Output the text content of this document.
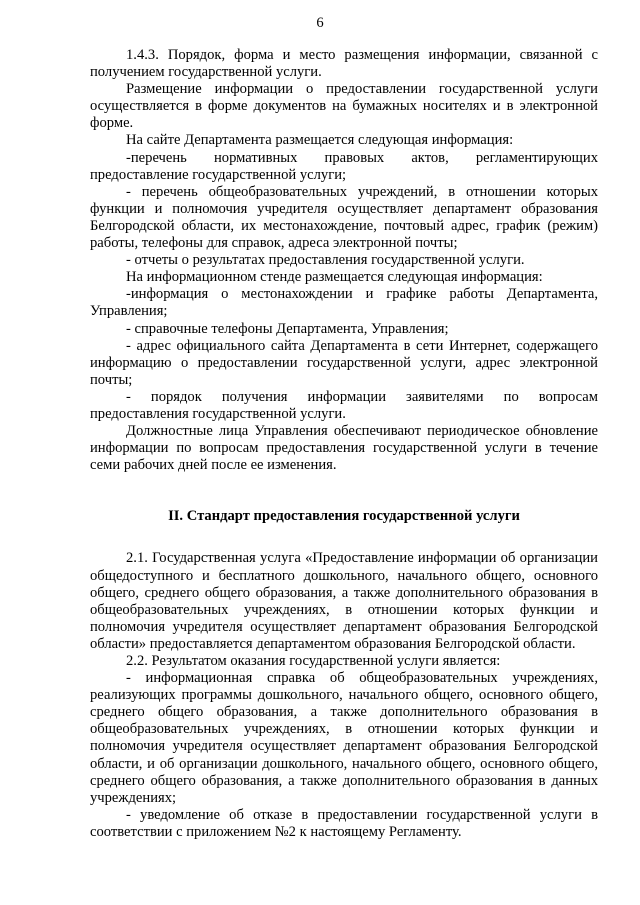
6

1.4.3. Порядок, форма и место размещения информации, связанной с получением государственной услуги.

Размещение информации о предоставлении государственной услуги осуществляется в форме документов на бумажных носителях и в электронной форме.

На сайте Департамента размещается следующая информация:

-перечень нормативных правовых актов, регламентирующих предоставление государственной услуги;

- перечень общеобразовательных учреждений, в отношении которых функции и полномочия учредителя осуществляет департамент образования Белгородской области, их местонахождение, почтовый адрес, график (режим) работы, телефоны для справок, адреса электронной почты;

- отчеты о результатах предоставления государственной услуги.

На информационном стенде размещается следующая информация:

-информация о местонахождении и графике работы Департамента, Управления;

- справочные телефоны Департамента, Управления;

- адрес официального сайта Департамента в сети Интернет, содержащего информацию о предоставлении государственной услуги, адрес электронной почты;

- порядок получения информации заявителями по вопросам предоставления государственной услуги.

Должностные лица Управления обеспечивают периодическое обновление информации по вопросам предоставления государственной услуги в течение семи рабочих дней после ее изменения.

II. Стандарт предоставления государственной услуги

2.1. Государственная услуга «Предоставление информации об организации общедоступного и бесплатного дошкольного, начального общего, основного общего, среднего общего образования, а также дополнительного образования в общеобразовательных учреждениях, в отношении которых функции и полномочия учредителя осуществляет департамент образования Белгородской области» предоставляется департаментом образования Белгородской области.

2.2. Результатом оказания государственной услуги является:

- информационная справка об общеобразовательных учреждениях, реализующих программы дошкольного, начального общего, основного общего, среднего общего образования, а также дополнительного образования в общеобразовательных учреждениях, в отношении которых функции и полномочия учредителя осуществляет департамент образования Белгородской области, и об организации дошкольного, начального общего, основного общего, среднего общего образования, а также дополнительного образования в данных учреждениях;

- уведомление об отказе в предоставлении государственной услуги в соответствии с приложением №2 к настоящему Регламенту.
